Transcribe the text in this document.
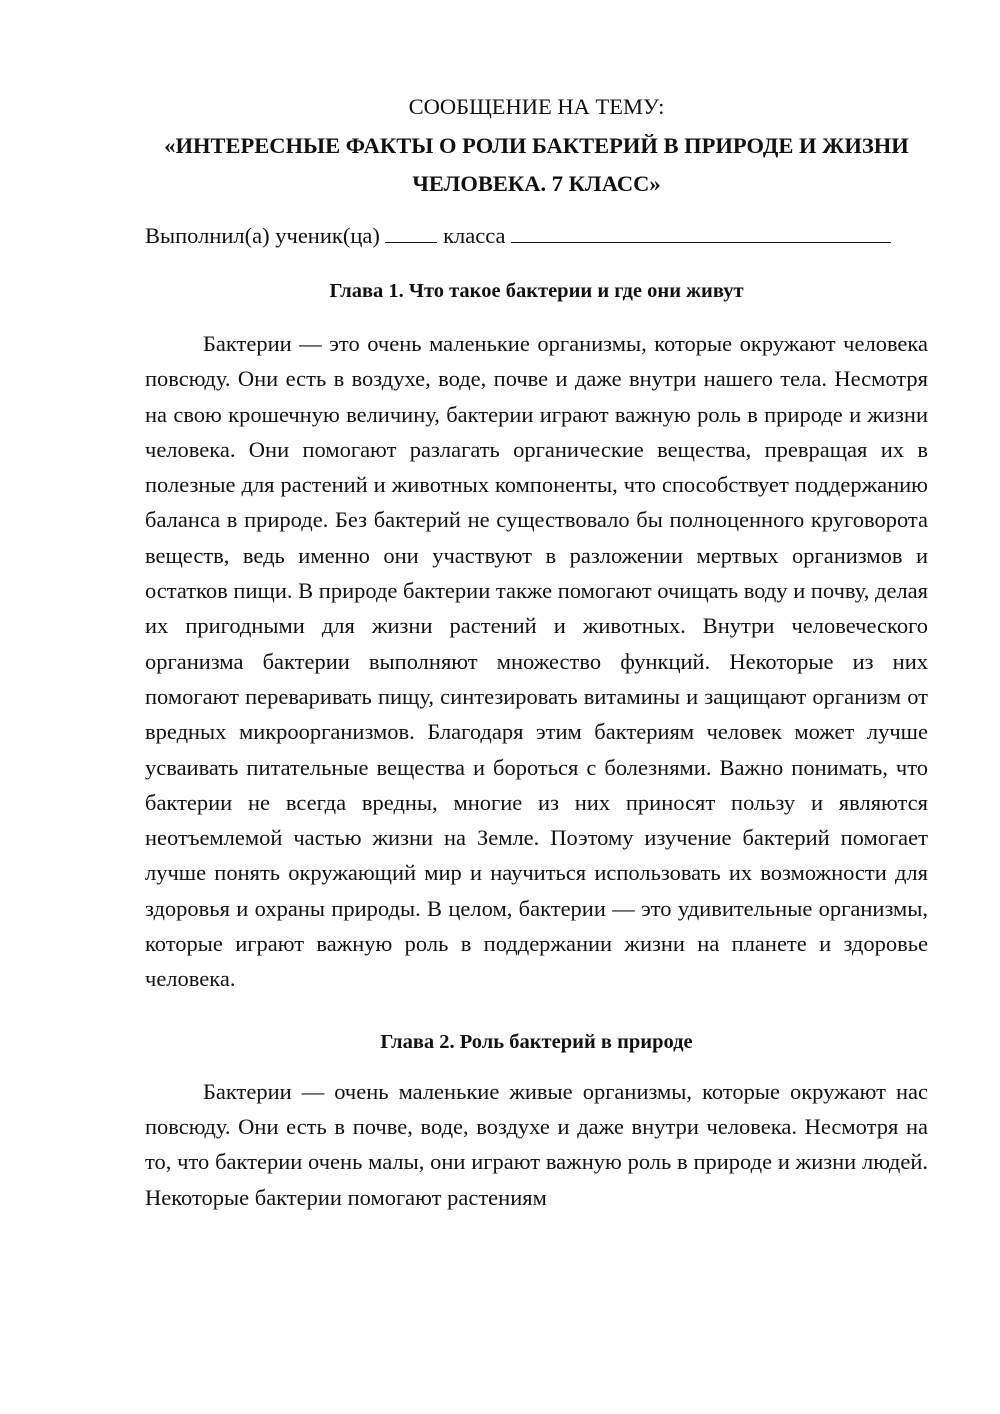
СООБЩЕНИЕ НА ТЕМУ:

«ИНТЕРЕСНЫЕ ФАКТЫ О РОЛИ БАКТЕРИЙ В ПРИРОДЕ И ЖИЗНИ ЧЕЛОВЕКА. 7 КЛАСС»

Выполнил(а) ученик(ца)	класса

Глава 1. Что такое бактерии и где они живут

Бактерии — это очень маленькие организмы, которые окружают человека повсюду. Они есть в воздухе, воде, почве и даже внутри нашего тела. Несмотря на свою крошечную величину, бактерии играют важную роль в природе и жизни человека. Они помогают разлагать органические вещества, превращая их в полезные для растений и животных компоненты, что способствует поддержанию баланса в природе. Без бактерий не существовало бы полноценного круговорота веществ, ведь именно они участвуют в разложении мертвых организмов и остатков пищи. В природе бактерии также помогают очищать воду и почву, делая их пригодными для жизни растений и животных. Внутри человеческого организма бактерии выполняют множество функций. Некоторые из них помогают переваривать пищу, синтезировать витамины и защищают организм от вредных микроорганизмов. Благодаря этим бактериям человек может лучше усваивать питательные вещества и бороться с болезнями. Важно понимать, что бактерии не всегда вредны, многие из них приносят пользу и являются неотъемлемой частью жизни на Земле. Поэтому изучение бактерий помогает лучше понять окружающий мир и научиться использовать их возможности для здоровья и охраны природы. В целом, бактерии — это удивительные организмы, которые играют важную роль в поддержании жизни на планете и здоровье человека.

Глава 2. Роль бактерий в природе

Бактерии — очень маленькие живые организмы, которые окружают нас повсюду. Они есть в почве, воде, воздухе и даже внутри человека. Несмотря на то, что бактерии очень малы, они играют важную роль в природе и жизни людей. Некоторые бактерии помогают растениям
